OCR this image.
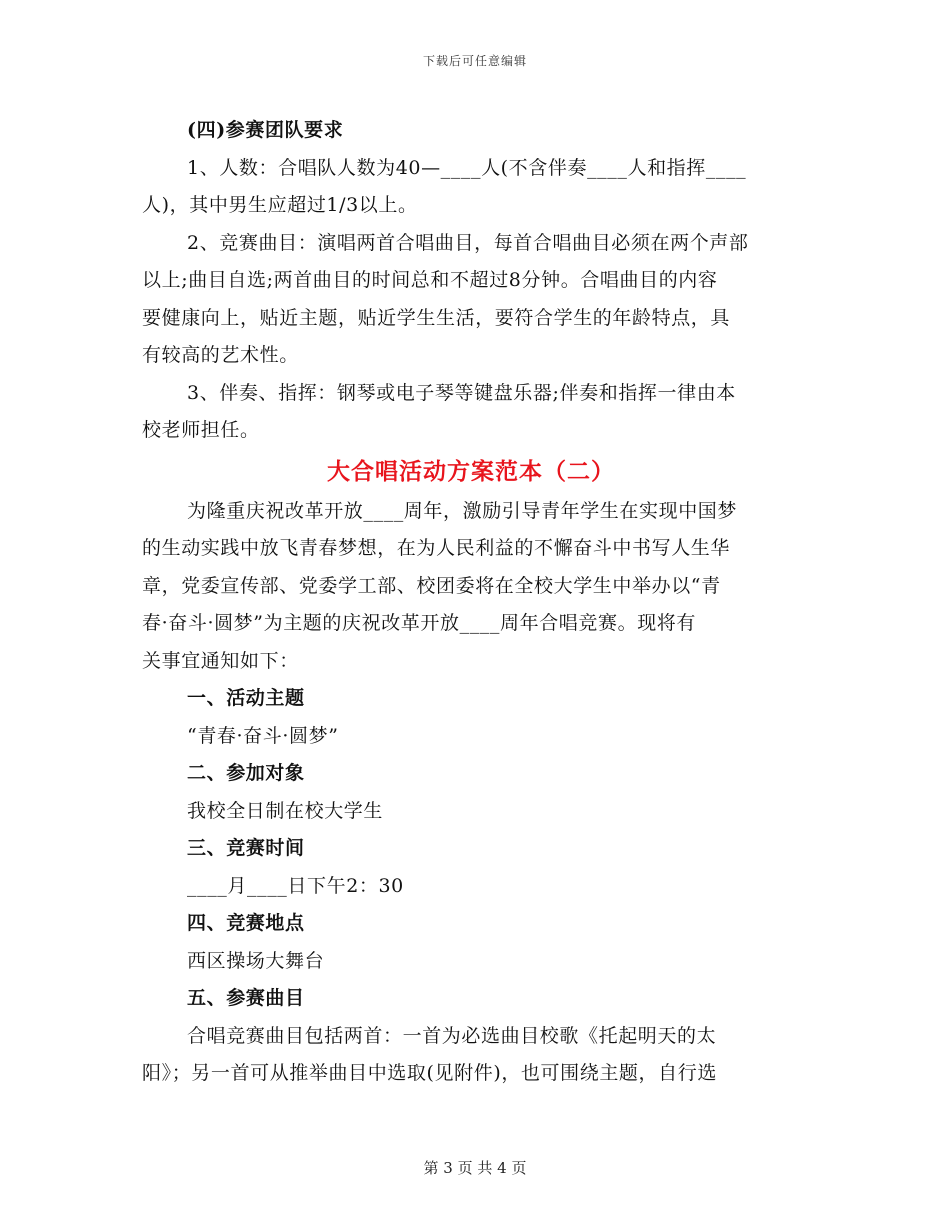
下载后可任意编辑
(四)参赛团队要求
1、人数：合唱队人数为40—____人(不含伴奏____人和指挥____
人)，其中男生应超过1/3以上。
2、竞赛曲目：演唱两首合唱曲目，每首合唱曲目必须在两个声部
以上;曲目自选;两首曲目的时间总和不超过8分钟。合唱曲目的内容
要健康向上，贴近主题，贴近学生生活，要符合学生的年龄特点，具
有较高的艺术性。
3、伴奏、指挥：钢琴或电子琴等键盘乐器;伴奏和指挥一律由本
校老师担任。
大合唱活动方案范本（二）
为隆重庆祝改革开放____周年，激励引导青年学生在实现中国梦
的生动实践中放飞青春梦想，在为人民利益的不懈奋斗中书写人生华
章，党委宣传部、党委学工部、校团委将在全校大学生中举办以“青
春·奋斗·圆梦”为主题的庆祝改革开放____周年合唱竞赛。现将有
关事宜通知如下：
一、活动主题
“青春·奋斗·圆梦”
二、参加对象
我校全日制在校大学生
三、竞赛时间
____月____日下午2：30
四、竞赛地点
西区操场大舞台
五、参赛曲目
合唱竞赛曲目包括两首：一首为必选曲目校歌《托起明天的太
阳》；另一首可从推举曲目中选取(见附件)，也可围绕主题，自行选
第 3 页 共 4 页
